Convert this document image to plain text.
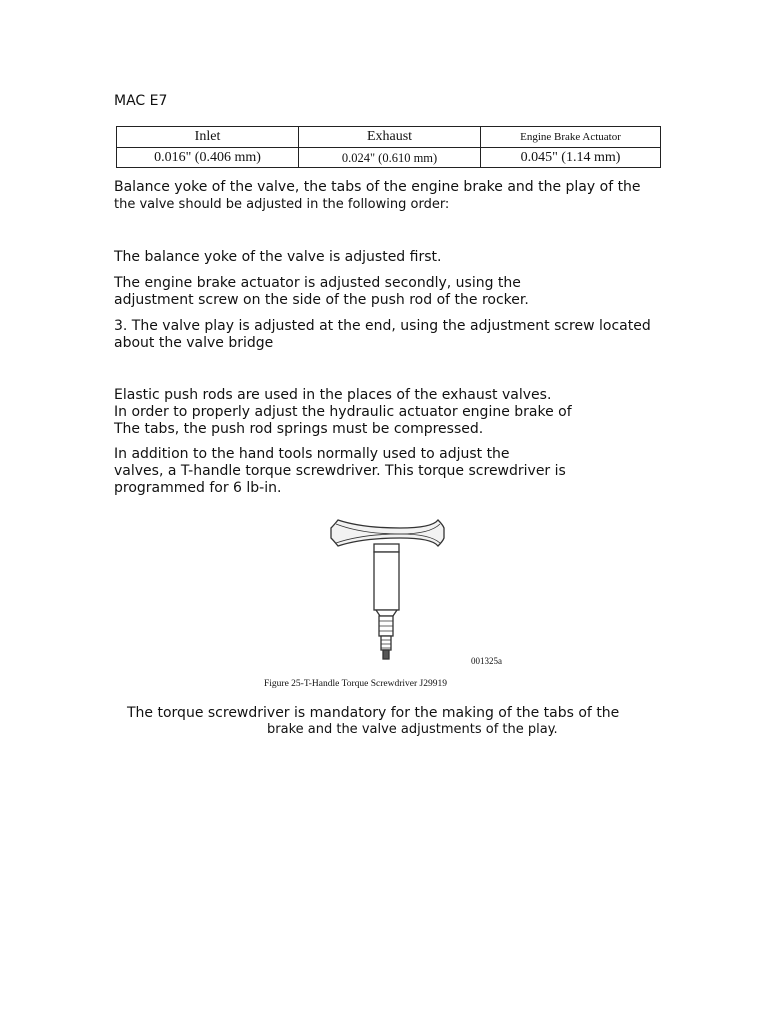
MAC E7
Inlet	Exhaust	Engine Brake Actuator
0.016" (0.406 mm)	0.024" (0.610 mm)	0.045" (1.14 mm)
Balance yoke of the valve, the tabs of the engine brake and the play of the
the valve should be adjusted in the following order:
The balance yoke of the valve is adjusted first.
The engine brake actuator is adjusted secondly, using the
adjustment screw on the side of the push rod of the rocker.
3. The valve play is adjusted at the end, using the adjustment screw located
about the valve bridge
Elastic push rods are used in the places of the exhaust valves.
In order to properly adjust the hydraulic actuator engine brake of
The tabs, the push rod springs must be compressed.
In addition to the hand tools normally used to adjust the
valves, a T-handle torque screwdriver. This torque screwdriver is
programmed for 6 lb-in.
001325a
Figure 25-T-Handle Torque Screwdriver J29919
The torque screwdriver is mandatory for the making of the tabs of the
brake and the valve adjustments of the play.
